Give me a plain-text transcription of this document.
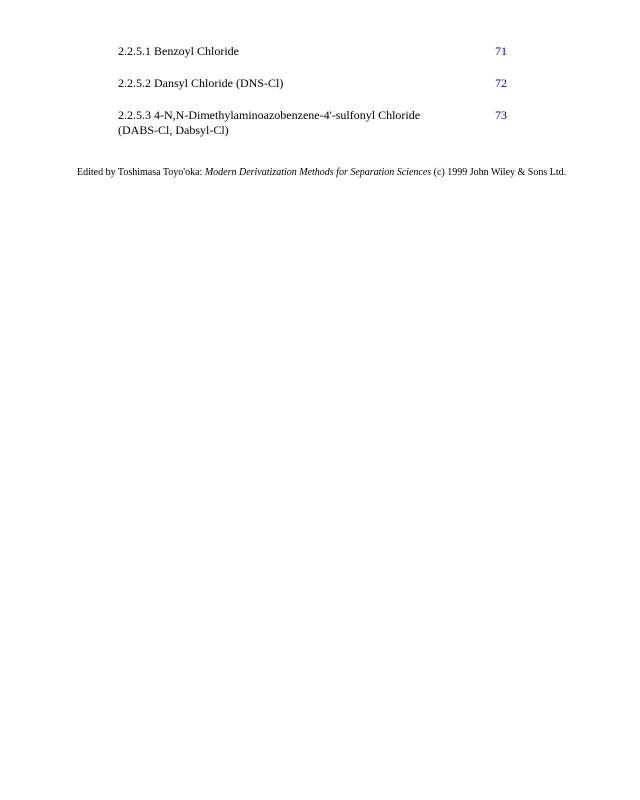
2.2.5.1 Benzoyl Chloride	71
2.2.5.2 Dansyl Chloride (DNS-Cl)	72
2.2.5.3 4-N,N-Dimethylaminoazobenzene-4'-sulfonyl Chloride (DABS-Cl, Dabsyl-Cl)
73
Edited by Toshimasa Toyo'oka: Modern Derivatization Methods for Separation Sciences (c) 1999 John Wiley & Sons Ltd.
